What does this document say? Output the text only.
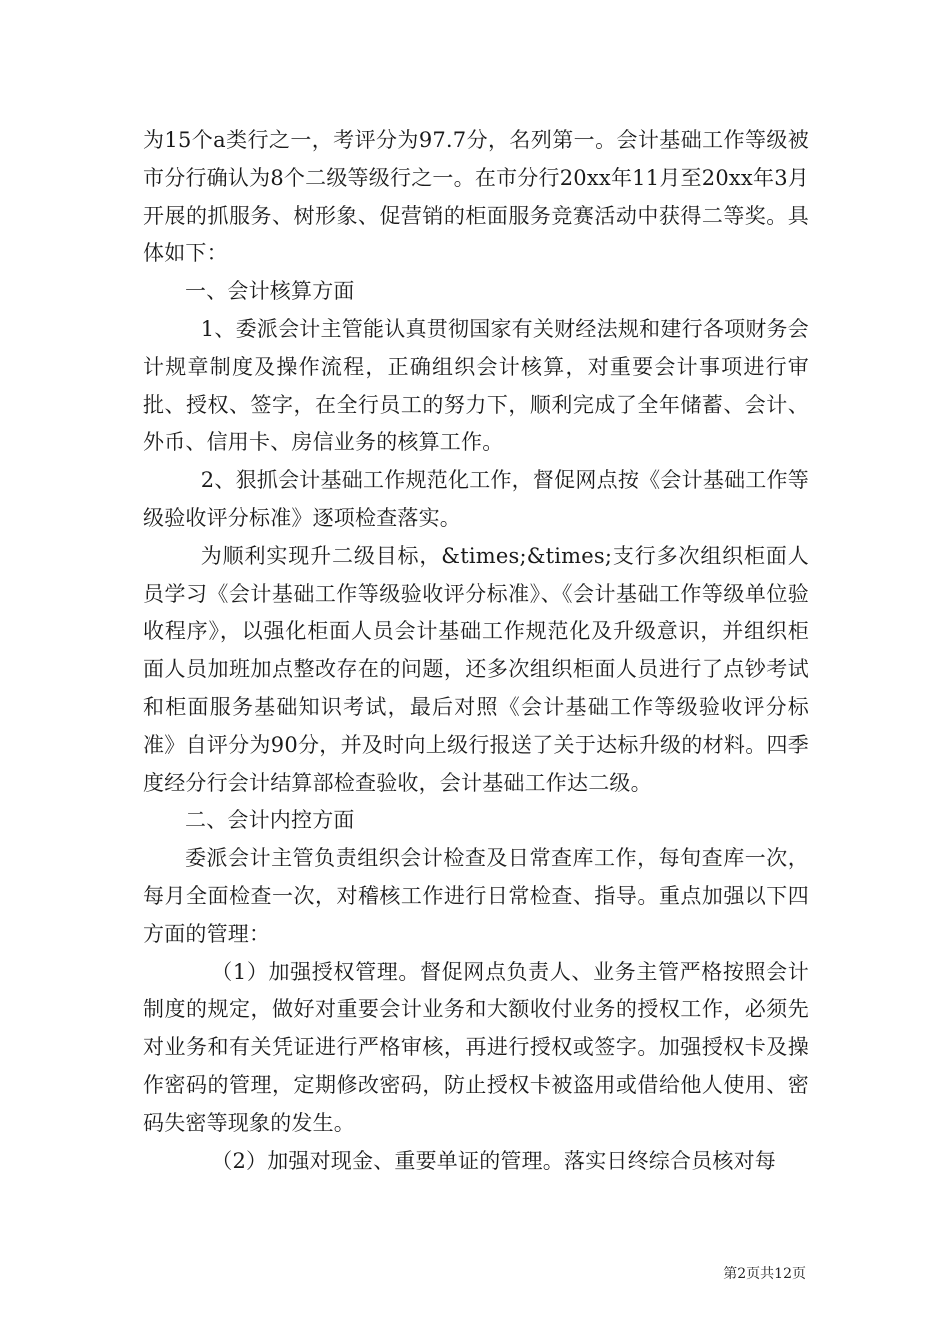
为15个a类行之一，考评分为97.7分，名列第一。会计基础工作等级被市分行确认为8个二级等级行之一。在市分行20xx年11月至20xx年3月开展的抓服务、树形象、促营销的柜面服务竞赛活动中获得二等奖。具体如下：

一、会计核算方面

1、委派会计主管能认真贯彻国家有关财经法规和建行各项财务会计规章制度及操作流程，正确组织会计核算，对重要会计事项进行审批、授权、签字，在全行员工的努力下，顺利完成了全年储蓄、会计、外币、信用卡、房信业务的核算工作。

2、狠抓会计基础工作规范化工作，督促网点按《会计基础工作等级验收评分标准》逐项检查落实。

为顺利实现升二级目标，&times;&times;支行多次组织柜面人员学习《会计基础工作等级验收评分标准》、《会计基础工作等级单位验收程序》，以强化柜面人员会计基础工作规范化及升级意识，并组织柜面人员加班加点整改存在的问题，还多次组织柜面人员进行了点钞考试和柜面服务基础知识考试，最后对照《会计基础工作等级验收评分标准》自评分为90分，并及时向上级行报送了关于达标升级的材料。四季度经分行会计结算部检查验收，会计基础工作达二级。

二、会计内控方面

委派会计主管负责组织会计检查及日常查库工作，每旬查库一次，每月全面检查一次，对稽核工作进行日常检查、指导。重点加强以下四方面的管理：

（1）加强授权管理。督促网点负责人、业务主管严格按照会计制度的规定，做好对重要会计业务和大额收付业务的授权工作，必须先对业务和有关凭证进行严格审核，再进行授权或签字。加强授权卡及操作密码的管理，定期修改密码，防止授权卡被盗用或借给他人使用、密码失密等现象的发生。

（2）加强对现金、重要单证的管理。落实日终综合员核对每

第2页共12页
